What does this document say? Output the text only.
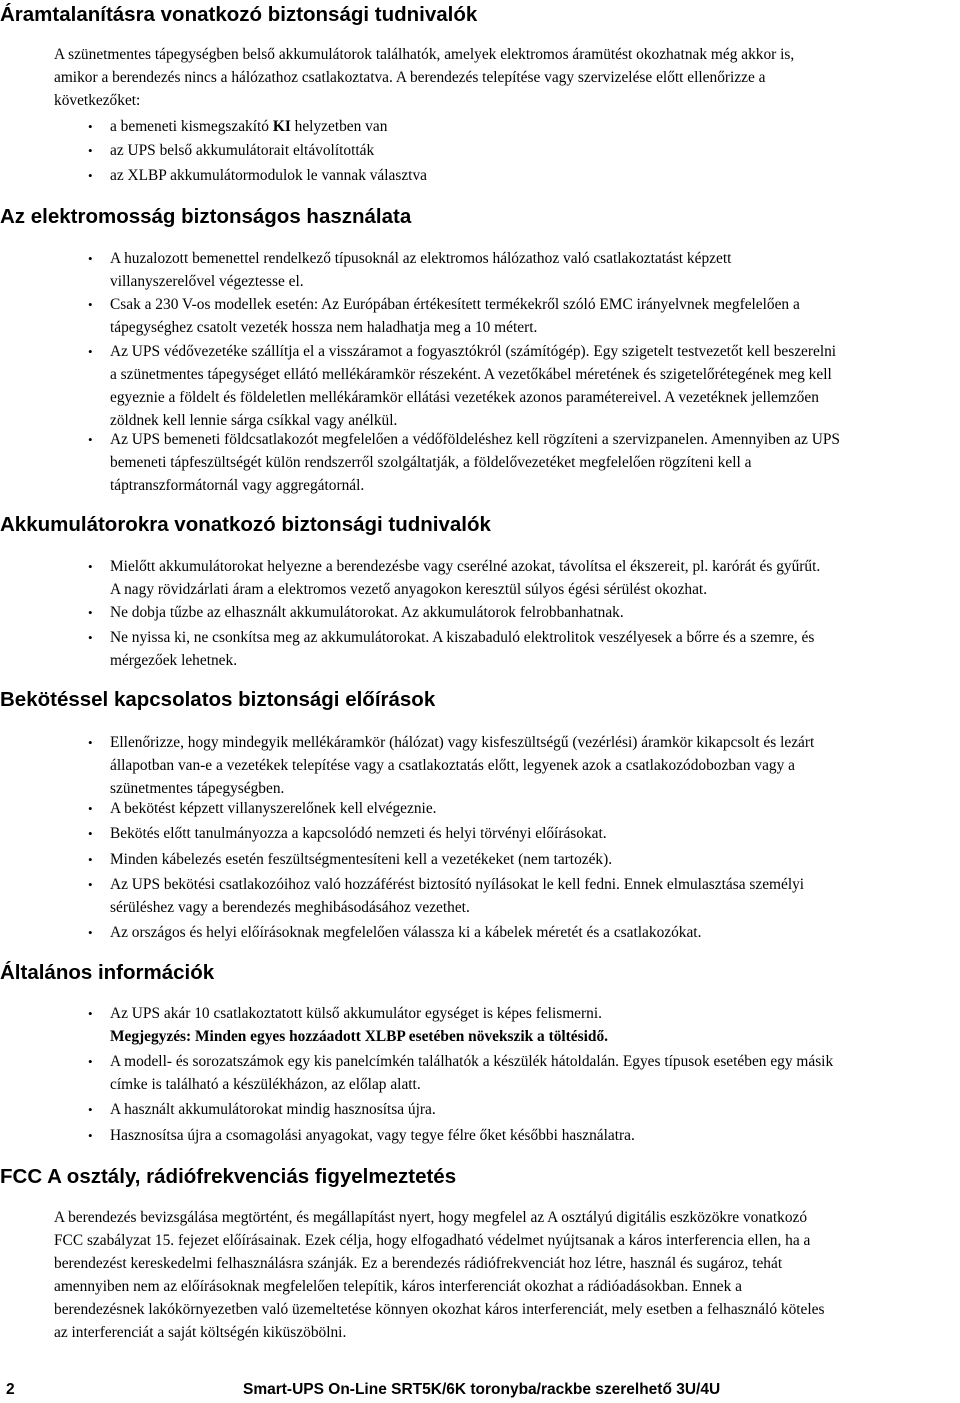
Áramtalanításra vonatkozó biztonsági tudnivalók

A szünetmentes tápegységben belső akkumulátorok találhatók, amelyek elektromos áramütést okozhatnak még akkor is,
amikor a berendezés nincs a hálózathoz csatlakoztatva. A berendezés telepítése vagy szervizelése előtt ellenőrizze a
következőket:

• a bemeneti kismegszakító KI helyzetben van
• az UPS belső akkumulátorait eltávolították
• az XLBP akkumulátormodulok le vannak választva
Az elektromosság biztonságos használata
• A huzalozott bemenettel rendelkező típusoknál az elektromos hálózathoz való csatlakoztatást képzett
villanyszerelővel végeztesse el.
• Csak a 230 V-os modellek esetén: Az Európában értékesített termékekről szóló EMC irányelvnek megfelelően a
tápegységhez csatolt vezeték hossza nem haladhatja meg a 10 métert.
• Az UPS védővezetéke szállítja el a visszáramot a fogyasztókról (számítógép). Egy szigetelt testvezetőt kell beszerelni
a szünetmentes tápegységet ellátó mellékáramkör részeként. A vezetőkábel méretének és szigetelőrétegének meg kell
egyeznie a földelt és földeletlen mellékáramkör ellátási vezetékek azonos paramétereivel. A vezetéknek jellemzően
zöldnek kell lennie sárga csíkkal vagy anélkül.
• Az UPS bemeneti földcsatlakozót megfelelően a védőföldeléshez kell rögzíteni a szervizpanelen. Amennyiben az UPS
bemeneti tápfeszültségét külön rendszerről szolgáltatják, a földelővezetéket megfelelően rögzíteni kell a
táptranszformátornál vagy aggregátornál.
Akkumulátorokra vonatkozó biztonsági tudnivalók
• Mielőtt akkumulátorokat helyezne a berendezésbe vagy cserélné azokat, távolítsa el ékszereit, pl. karórát és gyűrűt.
A nagy rövidzárlati áram a elektromos vezető anyagokon keresztül súlyos égési sérülést okozhat.
• Ne dobja tűzbe az elhasznált akkumulátorokat. Az akkumulátorok felrobbanhatnak.
• Ne nyissa ki, ne csonkítsa meg az akkumulátorokat. A kiszabaduló elektrolitok veszélyesek a bőrre és a szemre, és
mérgezőek lehetnek.
Bekötéssel kapcsolatos biztonsági előírások
• Ellenőrizze, hogy mindegyik mellékáramkör (hálózat) vagy kisfeszültségű (vezérlési) áramkör kikapcsolt és lezárt
állapotban van-e a vezetékek telepítése vagy a csatlakoztatás előtt, legyenek azok a csatlakozódobozban vagy a
szünetmentes tápegységben.
• A bekötést képzett villanyszerelőnek kell elvégeznie.
• Bekötés előtt tanulmányozza a kapcsolódó nemzeti és helyi törvényi előírásokat.
• Minden kábelezés esetén feszültségmentesíteni kell a vezetékeket (nem tartozék).
• Az UPS bekötési csatlakozóihoz való hozzáférést biztosító nyílásokat le kell fedni. Ennek elmulasztása személyi
sérüléshez vagy a berendezés meghibásodásához vezethet.
• Az országos és helyi előírásoknak megfelelően válassza ki a kábelek méretét és a csatlakozókat.
Általános információk
• Az UPS akár 10 csatlakoztatott külső akkumulátor egységet is képes felismerni.
Megjegyzés: Minden egyes hozzáadott XLBP esetében növekszik a töltésidő.
• A modell- és sorozatszámok egy kis panelcímkén találhatók a készülék hátoldalán. Egyes típusok esetében egy másik
címke is található a készülékházon, az előlap alatt.
• A használt akkumulátorokat mindig hasznosítsa újra.
• Hasznosítsa újra a csomagolási anyagokat, vagy tegye félre őket későbbi használatra.
FCC A osztály, rádiófrekvenciás figyelmeztetés

A berendezés bevizsgálása megtörtént, és megállapítást nyert, hogy megfelel az A osztályú digitális eszközökre vonatkozó
FCC szabályzat 15. fejezet előírásainak. Ezek célja, hogy elfogadható védelmet nyújtsanak a káros interferencia ellen, ha a
berendezést kereskedelmi felhasználásra szánják. Ez a berendezés rádiófrekvenciát hoz létre, használ és sugároz, tehát
amennyiben nem az előírásoknak megfelelően telepítik, káros interferenciát okozhat a rádióadásokban. Ennek a
berendezésnek lakókörnyezetben való üzemeltetése könnyen okozhat káros interferenciát, mely esetben a felhasználó köteles
az interferenciát a saját költségén kiküszöbölni.

2	Smart-UPS On-Line SRT5K/6K toronyba/rackbe szerelhető 3U/4U
